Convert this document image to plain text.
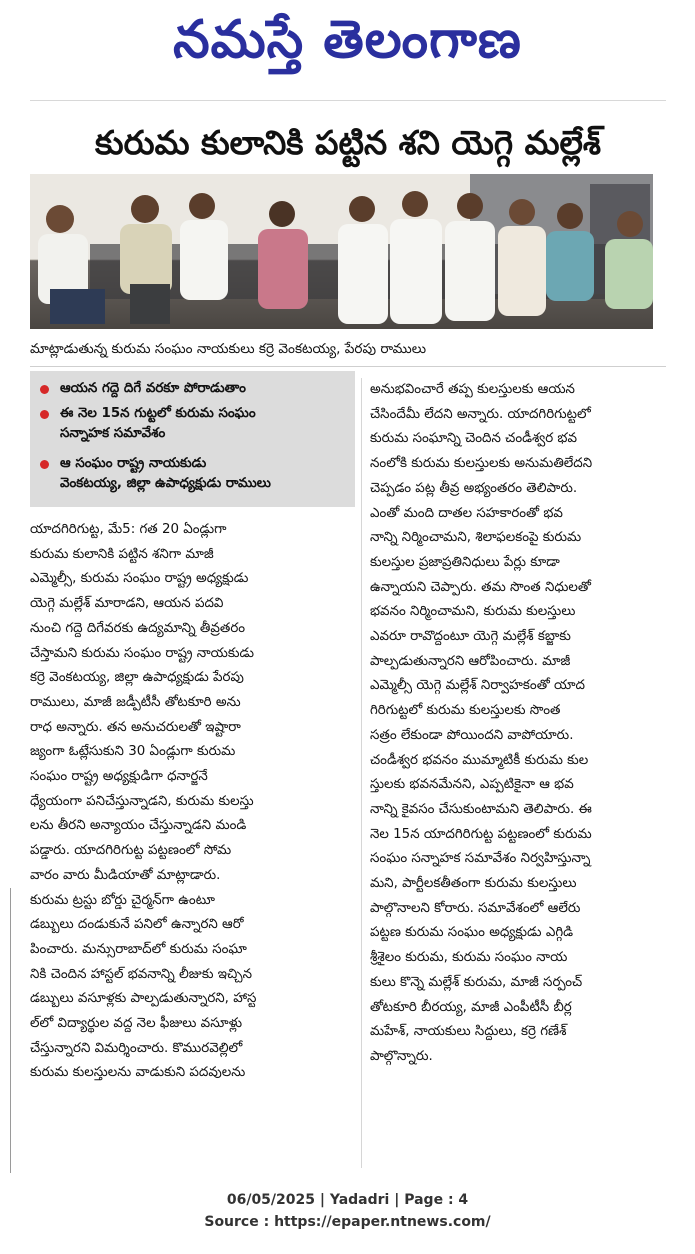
నమస్తే తెలంగాణ
కురుమ కులానికి పట్టిన శని యెగ్గె మల్లేశ్
మాట్లాడుతున్న కురుమ సంఘం నాయకులు కర్రె వెంకటయ్య, పేరపు రాములు
ఆయన గద్దె దిగే వరకూ పోరాడుతాం
ఈ నెల 15న గుట్టలో కురుమ సంఘం
సన్నాహక సమావేశం
ఆ సంఘం రాష్ట్ర నాయకుడు
వెంకటయ్య, జిల్లా ఉపాధ్యక్షుడు రాములు

యాదగిరిగుట్ట, మే5: గత 20 ఏండ్లుగా

కురుమ కులానికి పట్టిన శనిగా మాజీ

ఎమ్మెల్సీ, కురుమ సంఘం రాష్ట్ర అధ్యక్షుడు

యెగ్గె మల్లేశ్ మారాడని, ఆయన పదవి

నుంచి గద్దె దిగేవరకు ఉద్యమాన్ని తీవ్రతరం

చేస్తామని కురుమ సంఘం రాష్ట్ర నాయకుడు

కర్రె వెంకటయ్య, జిల్లా ఉపాధ్యక్షుడు పేరపు

రాములు, మాజీ జడ్పీటీసీ తోటకూరి అను

రాధ అన్నారు. తన అనుచరులతో ఇష్టారా

జ్యంగా ఓట్లేసుకుని 30 ఏండ్లుగా కురుమ

సంఘం రాష్ట్ర అధ్యక్షుడిగా ధనార్జనే

ధ్యేయంగా పనిచేస్తున్నాడని, కురుమ కులస్తు

లను తీరని అన్యాయం చేస్తున్నాడని మండి

పడ్డారు. యాదగిరిగుట్ట పట్టణంలో సోమ

వారం వారు మీడియాతో మాట్లాడారు.

కురుమ ట్రస్టు బోర్డు చైర్మన్‌గా ఉంటూ

డబ్బులు దండుకునే పనిలో ఉన్నారని ఆరో

పించారు. మన్సురాబాద్‌లో కురుమ సంఘా

నికి చెందిన హాస్టల్ భవనాన్ని లీజుకు ఇచ్చిన

డబ్బులు వసూళ్లకు పాల్పడుతున్నారని, హాస్ట

ల్‌లో విద్యార్థుల వద్ద నెల ఫీజులు వసూళ్లు

చేస్తున్నారని విమర్శించారు. కొమురవెల్లిలో

కురుమ కులస్తులను వాడుకుని పదవులను

అనుభవించారే తప్ప కులస్తులకు ఆయన

చేసిందేమీ లేదని అన్నారు. యాదగిరిగుట్టలో

కురుమ సంఘాన్ని చెందిన చండీశ్వర భవ

నంలోకి కురుమ కులస్తులకు అనుమతిలేదని

చెప్పడం పట్ల తీవ్ర అభ్యంతరం తెలిపారు.

ఎంతో మంది దాతల సహకారంతో భవ

నాన్ని నిర్మించామని, శిలాఫలకంపై కురుమ

కులస్తుల ప్రజాప్రతినిధులు పేర్లు కూడా

ఉన్నాయని చెప్పారు. తమ సొంత నిధులతో

భవనం నిర్మించామని, కురుమ కులస్తులు

ఎవరూ రావొద్దంటూ యెగ్గె మల్లేశ్ కబ్జాకు

పాల్పడుతున్నారని ఆరోపించారు. మాజీ

ఎమ్మెల్సీ యెగ్గె మల్లేశ్ నిర్వాహకంతో యాద

గిరిగుట్టలో కురుమ కులస్తులకు సొంత

సత్రం లేకుండా పోయిందని వాపోయారు.

చండీశ్వర భవనం ముమ్మాటికీ కురుమ కుల

స్తులకు భవనమేనని, ఎప్పటికైనా ఆ భవ

నాన్ని కైవసం చేసుకుంటామని తెలిపారు. ఈ

నెల 15న యాదగిరిగుట్ట పట్టణంలో కురుమ

సంఘం సన్నాహక సమావేశం నిర్వహిస్తున్నా

మని, పార్టీలకతీతంగా కురుమ కులస్తులు

పాల్గొనాలని కోరారు. సమావేశంలో ఆలేరు

పట్టణ కురుమ సంఘం అధ్యక్షుడు ఎగ్గిడి

శ్రీశైలం కురుమ, కురుమ సంఘం నాయ

కులు కొన్నె మల్లేశ్ కురుమ, మాజీ సర్పంచ్

తోటకూరి బీరయ్య, మాజీ ఎంపీటీసీ బీర్ల

మహేశ్, నాయకులు సిద్దులు, కర్రె గణేశ్

పాల్గొన్నారు.

06/05/2025 | Yadadri | Page : 4
Source : https://epaper.ntnews.com/
